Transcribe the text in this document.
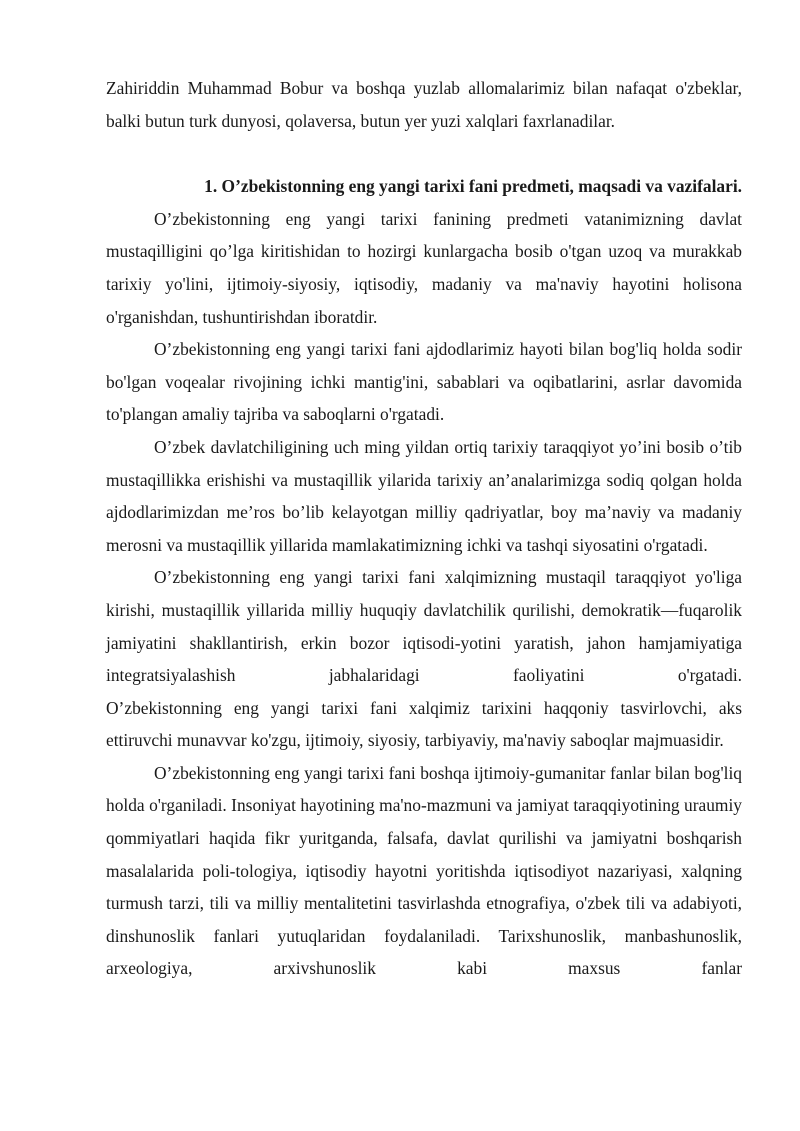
Zahiriddin Muhammad Bobur va boshqa yuzlab allomalarimiz bilan nafaqat o'zbeklar, balki butun turk dunyosi, qolaversa, butun yer yuzi xalqlari faxrlanadilar.

1. O’zbekistonning eng yangi tarixi fani predmeti, maqsadi va vazifalari.

O’zbekistonning eng yangi tarixi fanining predmeti vatanimizning davlat mustaqilligini qo’lga kiritishidan to hozirgi kunlargacha bosib o'tgan uzoq va murakkab tarixiy yo'lini, ijtimoiy-siyosiy, iqtisodiy, madaniy va ma'naviy hayotini holisona o'rganishdan, tushuntirishdan iboratdir.

O’zbekistonning eng yangi tarixi fani ajdodlarimiz hayoti bilan bog'liq holda sodir bo'lgan voqealar rivojining ichki mantig'ini, sabablari va oqibatlarini, asrlar davomida to'plangan amaliy tajriba va saboqlarni o'rgatadi.

O’zbek davlatchiligining uch ming yildan ortiq tarixiy taraqqiyot yo’ini bosib o’tib mustaqillikka erishishi va mustaqillik yilarida tarixiy an’analarimizga sodiq qolgan holda ajdodlarimizdan me’ros bo’lib kelayotgan milliy qadriyatlar, boy ma’naviy va madaniy merosni va mustaqillik yillarida mamlakatimizning ichki va tashqi siyosatini o'rgatadi.

O’zbekistonning eng yangi tarixi fani xalqimizning mustaqil taraqqiyot yo'liga kirishi, mustaqillik yillarida milliy huquqiy davlatchilik qurilishi, demokratik—fuqarolik jamiyatini shakllantirish, erkin bozor iqtisodi-yotini yaratish, jahon hamjamiyatiga integratsiyalashish jabhalaridagi faoliyatini o'rgatadi.

O’zbekistonning eng yangi tarixi fani xalqimiz tarixini haqqoniy tasvirlovchi, aks ettiruvchi munavvar ko'zgu, ijtimoiy, siyosiy, tarbiyaviy, ma'naviy saboqlar majmuasidir.

O’zbekistonning eng yangi tarixi fani boshqa ijtimoiy-gumanitar fanlar bilan bog'liq holda o'rganiladi. Insoniyat hayotining ma'no-mazmuni va jamiyat taraqqiyotining uraumiy qommiyatlari haqida fikr yuritganda, falsafa, davlat qurilishi va jamiyatni boshqarish masalalarida poli-tologiya, iqtisodiy hayotni yoritishda iqtisodiyot nazariyasi, xalqning turmush tarzi, tili va milliy mentalitetini tasvirlashda etnografiya, o'zbek tili va adabiyoti, dinshunoslik fanlari yutuqlaridan foydalaniladi. Tarixshunoslik, manbashunoslik, arxeologiya, arxivshunoslik kabi maxsus fanlar
